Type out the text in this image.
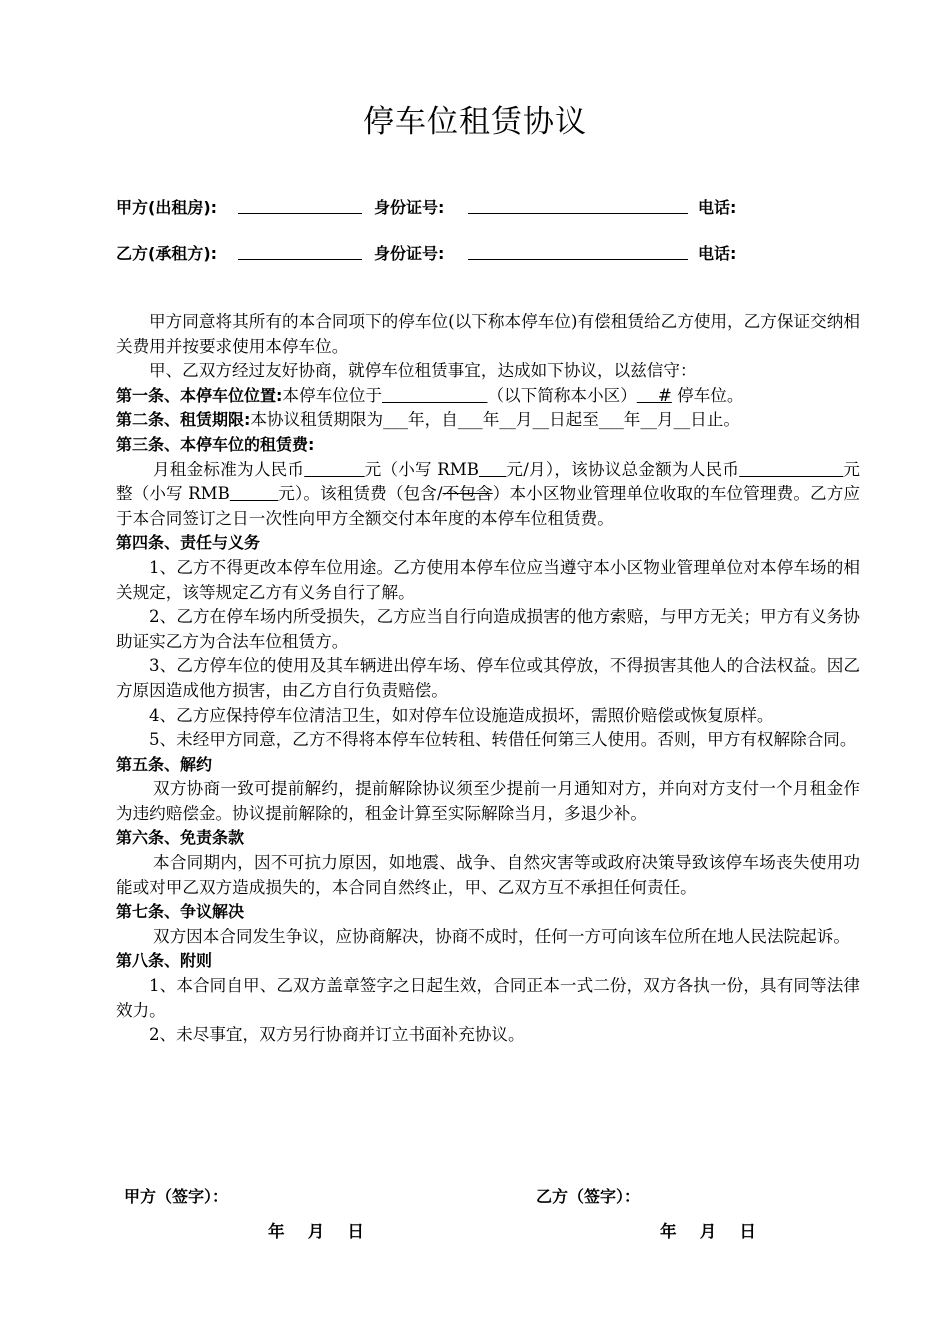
停车位租赁协议
甲方(出租房):	身份证号:	电话:
乙方(承租方):	身份证号:	电话:

甲方同意将其所有的本合同项下的停车位(以下称本停车位)有偿租赁给乙方使用，乙方保证交纳相关费用并按要求使用本停车位。

甲、乙双方经过友好协商，就停车位租赁事宜，达成如下协议，以兹信守：

第一条、本停车位位置:本停车位位于	（以下简称本小区）    # 停车位。

第二条、租赁期限:本协议租赁期限为___年，自___年__月__日起至___年__月__日止。

第三条、本停车位的租赁费:

月租金标准为人民币	元（小写 RMB 元/月），该协议总金额为人民币	元整（小写 RMB	元）。该租赁费（包含/不包含）本小区物业管理单位收取的车位管理费。乙方应于本合同签订之日一次性向甲方全额交付本年度的本停车位租赁费。

第四条、责任与义务

1、乙方不得更改本停车位用途。乙方使用本停车位应当遵守本小区物业管理单位对本停车场的相关规定，该等规定乙方有义务自行了解。

2、乙方在停车场内所受损失，乙方应当自行向造成损害的他方索赔，与甲方无关；甲方有义务协助证实乙方为合法车位租赁方。

3、乙方停车位的使用及其车辆进出停车场、停车位或其停放，不得损害其他人的合法权益。因乙方原因造成他方损害，由乙方自行负责赔偿。

4、乙方应保持停车位清洁卫生，如对停车位设施造成损坏，需照价赔偿或恢复原样。

5、未经甲方同意，乙方不得将本停车位转租、转借任何第三人使用。否则，甲方有权解除合同。

第五条、解约

双方协商一致可提前解约，提前解除协议须至少提前一月通知对方，并向对方支付一个月租金作为违约赔偿金。协议提前解除的，租金计算至实际解除当月，多退少补。

第六条、免责条款

本合同期内，因不可抗力原因，如地震、战争、自然灾害等或政府决策导致该停车场丧失使用功能或对甲乙双方造成损失的，本合同自然终止，甲、乙双方互不承担任何责任。

第七条、争议解决

双方因本合同发生争议，应协商解决，协商不成时，任何一方可向该车位所在地人民法院起诉。

第八条、附则

1、本合同自甲、乙双方盖章签字之日起生效，合同正本一式二份，双方各执一份，具有同等法律效力。

2、未尽事宜，双方另行协商并订立书面补充协议。

甲方（签字）：	乙方（签字）：
年    月    日	年    月    日
